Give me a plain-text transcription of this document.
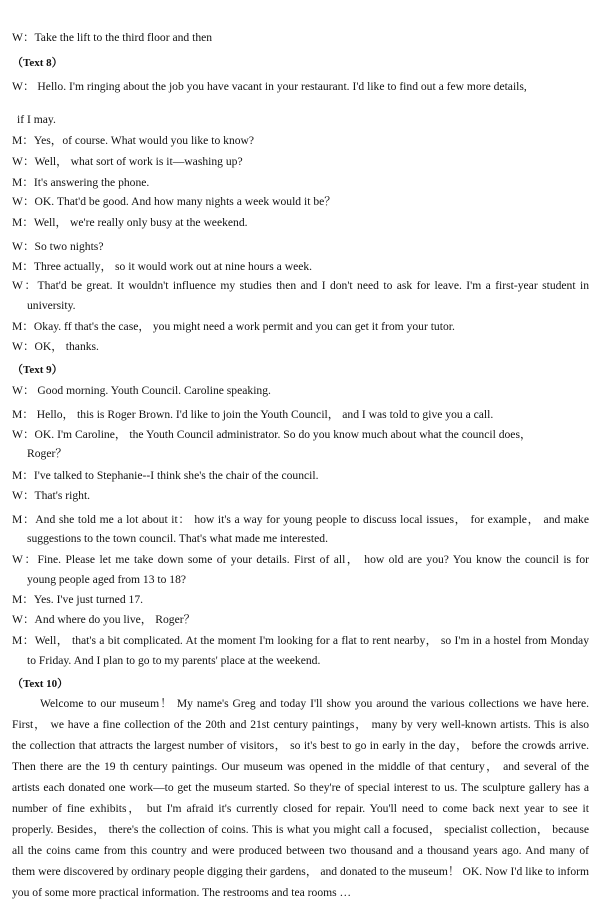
W：Take the lift to the third floor and then
（Text 8）
W： Hello. I'm ringing about the job you have vacant in your restaurant. I'd like to find out a few more details,
if I may.
M：Yes，of course. What would you like to know?
W：Well， what sort of work is it—washing up?
M：It's answering the phone.
W：OK. That'd be good. And how many nights a week would it be？
M：Well， we're really only busy at the weekend.
W：So two nights?
M：Three actually， so it would work out at nine hours a week.
W：That'd be great. It wouldn't influence my studies then and I don't need to ask for leave. I'm a first-year student in
university.
M：Okay. ff that's the case， you might need a work permit and you can get it from your tutor.
W：OK， thanks.
（Text 9）
W： Good morning. Youth Council. Caroline speaking.
M： Hello， this is Roger Brown. I'd like to join the Youth Council， and I was told to give you a call.
W：OK. I'm Caroline， the Youth Council administrator. So do you know much about what the council does，
Roger？
M：I've talked to Stephanie--I think she's the chair of the council.
W：That's right.
M：And she told me a lot about it： how it's a way for young people to discuss local issues， for example， and make
suggestions to the town council. That's what made me interested.
W：Fine. Please let me take down some of your details. First of all， how old are you? You know the council is for
young people aged from 13 to 18?
M：Yes. I've just turned 17.
W：And where do you live， Roger？
M：Well， that's a bit complicated. At the moment I'm looking for a flat to rent nearby， so I'm in a hostel from Monday
to Friday. And I plan to go to my parents' place at the weekend.
（Text 10）
Welcome to our museum！ My name's Greg and today I'll show you around the various collections we have here.
First， we have a fine collection of the 20th and 21st century paintings， many by very well-known artists. This is also
the collection that attracts the largest number of visitors， so it's best to go in early in the day， before the crowds arrive.
Then there are the 19 th century paintings. Our museum was opened in the middle of that century， and several of the
artists each donated one work—to get the museum started. So they're of special interest to us. The sculpture gallery has a
number of fine exhibits， but I'm afraid it's currently closed for repair. You'll need to come back next year to see it
properly. Besides， there's the collection of coins. This is what you might call a focused， specialist collection， because
all the coins came from this country and were produced between two thousand and a thousand years ago. And many of
them were discovered by ordinary people digging their gardens， and donated to the museum！ OK. Now I'd like to inform
you of some more practical information. The restrooms and tea rooms …
